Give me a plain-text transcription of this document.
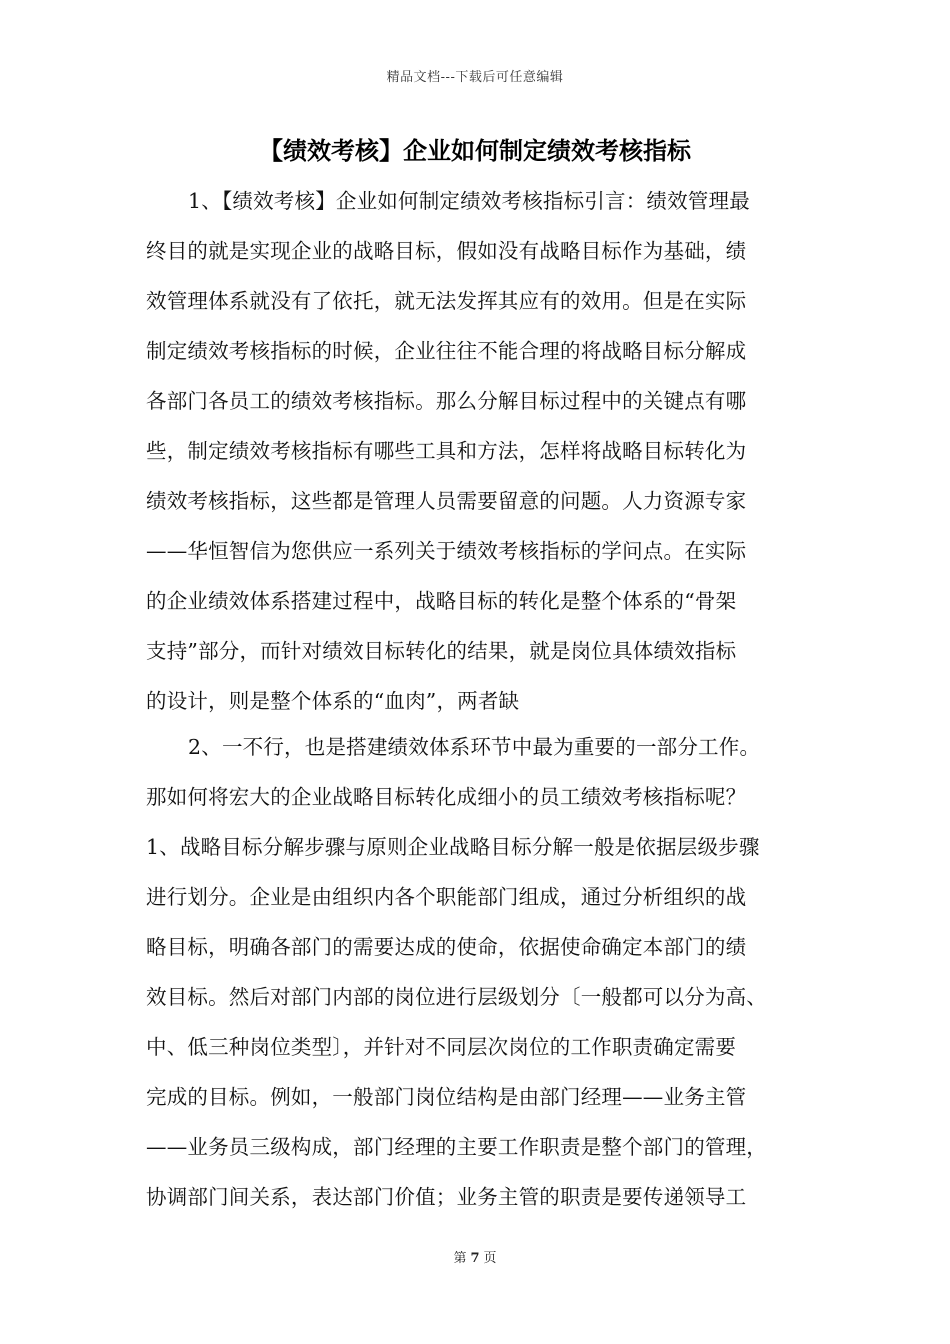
精品文档---下载后可任意编辑
【绩效考核】企业如何制定绩效考核指标
1、【绩效考核】企业如何制定绩效考核指标引言：绩效管理最
终目的就是实现企业的战略目标，假如没有战略目标作为基础，绩
效管理体系就没有了依托，就无法发挥其应有的效用。但是在实际
制定绩效考核指标的时候，企业往往不能合理的将战略目标分解成
各部门各员工的绩效考核指标。那么分解目标过程中的关键点有哪
些，制定绩效考核指标有哪些工具和方法，怎样将战略目标转化为
绩效考核指标，这些都是管理人员需要留意的问题。人力资源专家
——华恒智信为您供应一系列关于绩效考核指标的学问点。在实际
的企业绩效体系搭建过程中，战略目标的转化是整个体系的“骨架
支持”部分，而针对绩效目标转化的结果，就是岗位具体绩效指标
的设计，则是整个体系的“血肉”，两者缺
2、一不行，也是搭建绩效体系环节中最为重要的一部分工作。
那如何将宏大的企业战略目标转化成细小的员工绩效考核指标呢？
1、战略目标分解步骤与原则企业战略目标分解一般是依据层级步骤
进行划分。企业是由组织内各个职能部门组成，通过分析组织的战
略目标，明确各部门的需要达成的使命，依据使命确定本部门的绩
效目标。然后对部门内部的岗位进行层级划分〔一般都可以分为高、
中、低三种岗位类型〕，并针对不同层次岗位的工作职责确定需要
完成的目标。例如，一般部门岗位结构是由部门经理——业务主管
——业务员三级构成，部门经理的主要工作职责是整个部门的管理，
协调部门间关系，表达部门价值；业务主管的职责是要传递领导工
第 7 页
